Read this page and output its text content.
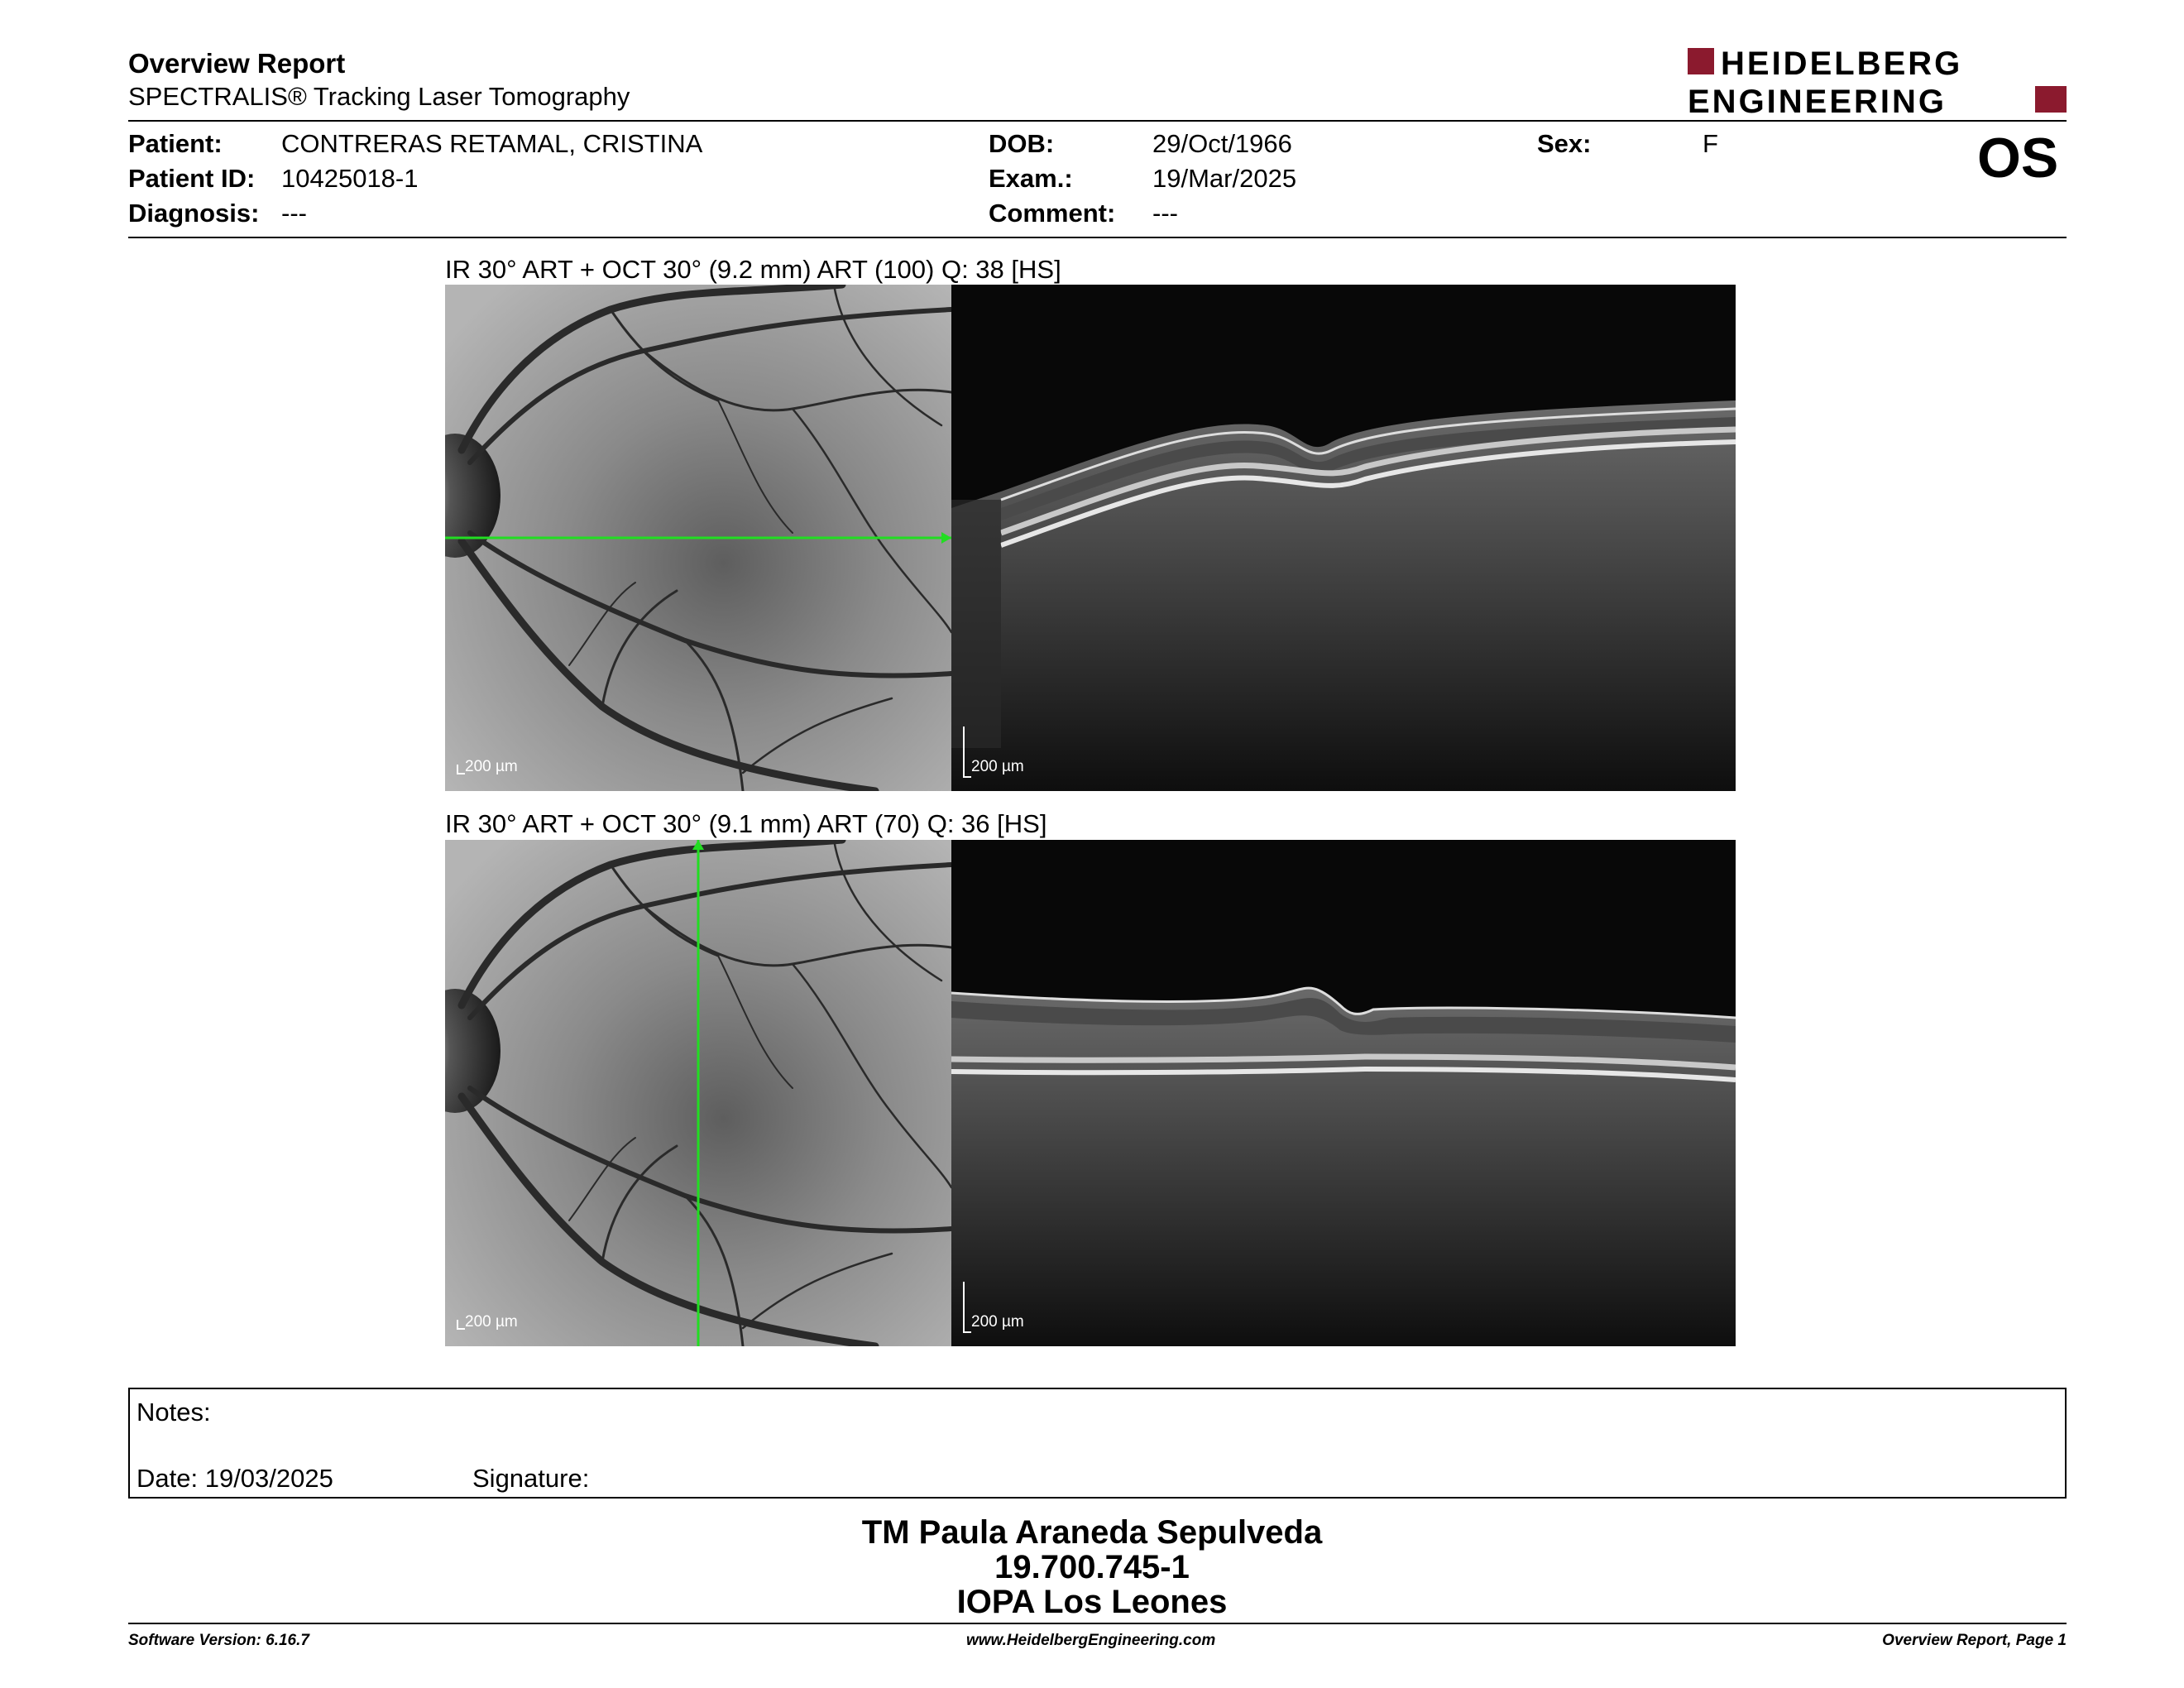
Overview Report
SPECTRALIS® Tracking Laser Tomography
HEIDELBERG
ENGINEERING
Patient: CONTRERAS RETAMAL, CRISTINA
Patient ID: 10425018-1
Diagnosis: ---
DOB:	29/Oct/1966
Exam.:	19/Mar/2025
Comment: ---
Sex:	F	OS
IR 30° ART + OCT 30° (9.2 mm) ART (100) Q: 38 [HS]
200 µm	200 µm
IR 30° ART + OCT 30° (9.1 mm) ART (70) Q: 36 [HS]
200 µm	200 µm
Notes:
Date: 19/03/2025	Signature:
TM Paula Araneda Sepulveda
19.700.745-1
IOPA Los Leones
Software Version: 6.16.7	www.HeidelbergEngineering.com	Overview Report, Page 1
